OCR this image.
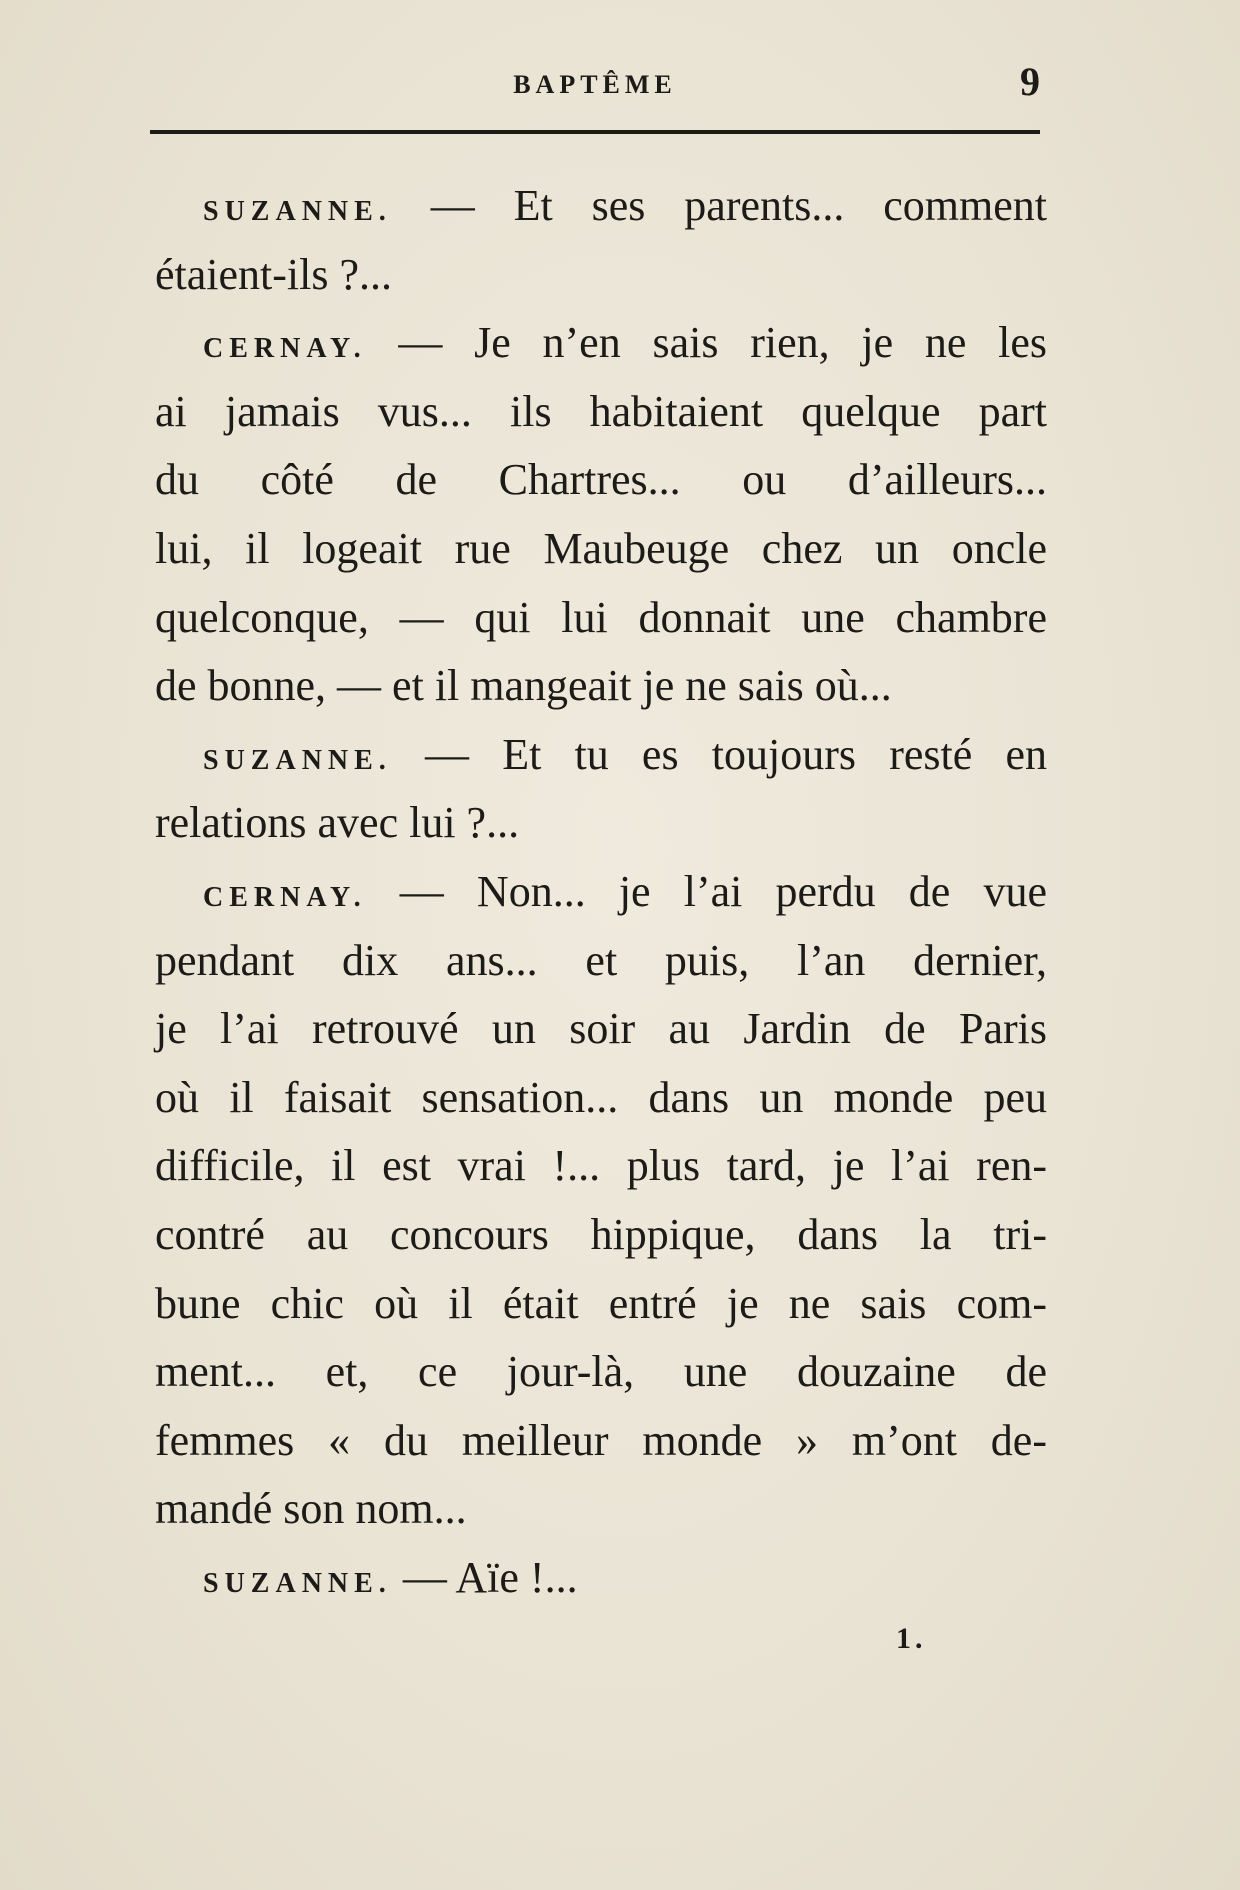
BAPTÊME	9
SUZANNE. — Et ses parents... comment
étaient-ils ?...
CERNAY. — Je n’en sais rien, je ne les
ai jamais vus... ils habitaient quelque part
du côté de Chartres... ou d’ailleurs...
lui, il logeait rue Maubeuge chez un oncle
quelconque, — qui lui donnait une chambre
de bonne, — et il mangeait je ne sais où...
SUZANNE. — Et tu es toujours resté en
relations avec lui ?...
CERNAY. — Non... je l’ai perdu de vue
pendant dix ans... et puis, l’an dernier,
je l’ai retrouvé un soir au Jardin de Paris
où il faisait sensation... dans un monde peu
difficile, il est vrai !... plus tard, je l’ai ren-
contré au concours hippique, dans la tri-
bune chic où il était entré je ne sais com-
ment... et, ce jour-là, une douzaine de
femmes « du meilleur monde » m’ont de-
mandé son nom...
SUZANNE. — Aïe !...
1.
